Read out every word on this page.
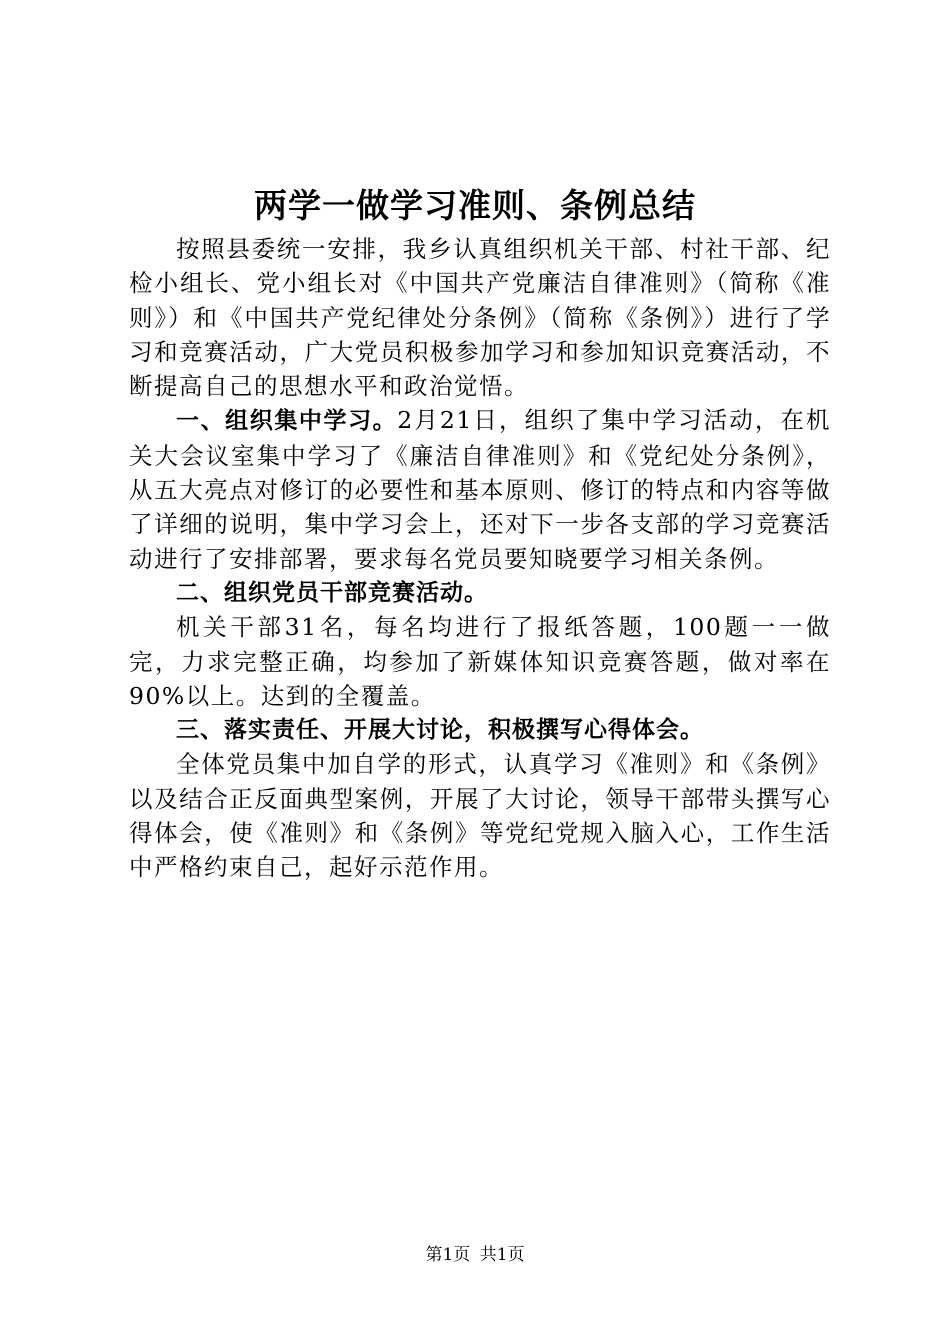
两学一做学习准则、条例总结

按照县委统一安排，我乡认真组织机关干部、村社干部、纪检小组长、党小组长对《中国共产党廉洁自律准则》（简称《准则》）和《中国共产党纪律处分条例》（简称《条例》）进行了学习和竞赛活动，广大党员积极参加学习和参加知识竞赛活动，不断提高自己的思想水平和政治觉悟。

一、组织集中学习。2月21日，组织了集中学习活动，在机关大会议室集中学习了《廉洁自律准则》和《党纪处分条例》，从五大亮点对修订的必要性和基本原则、修订的特点和内容等做了详细的说明，集中学习会上，还对下一步各支部的学习竞赛活动进行了安排部署，要求每名党员要知晓要学习相关条例。

二、组织党员干部竞赛活动。

机关干部31名，每名均进行了报纸答题，100题一一做完，力求完整正确，均参加了新媒体知识竞赛答题，做对率在90%以上。达到的全覆盖。

三、落实责任、开展大讨论，积极撰写心得体会。

全体党员集中加自学的形式，认真学习《准则》和《条例》以及结合正反面典型案例，开展了大讨论，领导干部带头撰写心得体会，使《准则》和《条例》等党纪党规入脑入心，工作生活中严格约束自己，起好示范作用。

第1页 共1页
